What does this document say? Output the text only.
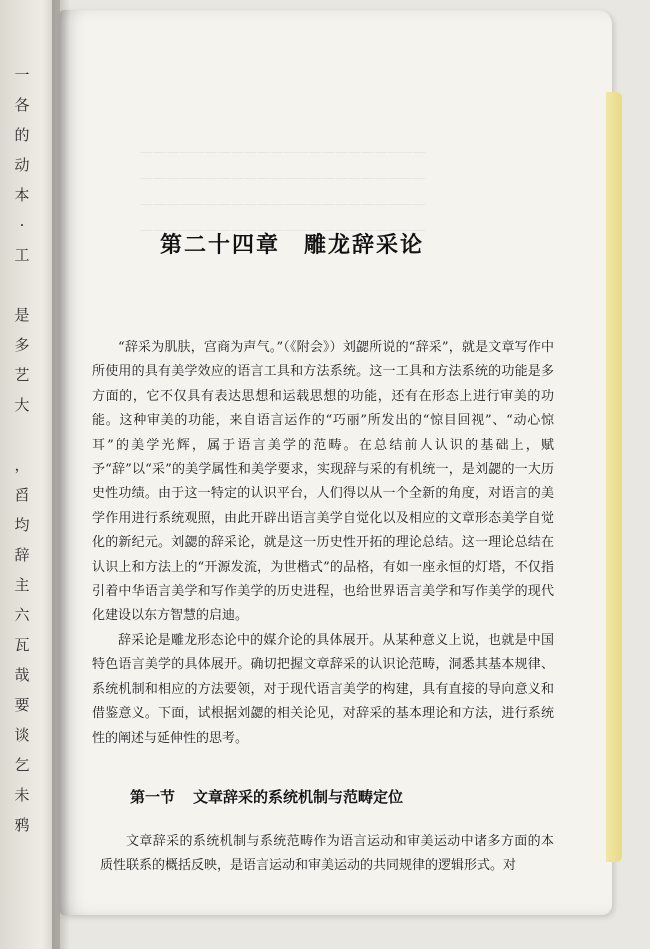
一
各
的
动
本
·
工
是
多
艺
大
，
舀
均
辞
主
六
瓦
哉
要
谈
乞
未
鸦
——————————————————————
——————————————————————
——————————————————————
——————————————————————
第二十四章 雕龙辞采论

“辞采为肌肤，宫商为声气。”（《附会》）刘勰所说的“辞采”，就是文章写作中所使用的具有美学效应的语言工具和方法系统。这一工具和方法系统的功能是多方面的，它不仅具有表达思想和运载思想的功能，还有在形态上进行审美的功能。这种审美的功能，来自语言运作的“巧丽”所发出的“惊目回视”、“动心惊耳”的美学光辉，属于语言美学的范畴。在总结前人认识的基础上，赋予“辞”以“采”的美学属性和美学要求，实现辞与采的有机统一，是刘勰的一大历史性功绩。由于这一特定的认识平台，人们得以从一个全新的角度，对语言的美学作用进行系统观照，由此开辟出语言美学自觉化以及相应的文章形态美学自觉化的新纪元。刘勰的辞采论，就是这一历史性开拓的理论总结。这一理论总结在认识上和方法上的“开源发流，为世楷式”的品格，有如一座永恒的灯塔，不仅指引着中华语言美学和写作美学的历史进程，也给世界语言美学和写作美学的现代化建设以东方智慧的启迪。

辞采论是雕龙形态论中的媒介论的具体展开。从某种意义上说，也就是中国特色语言美学的具体展开。确切把握文章辞采的认识论范畴，洞悉其基本规律、系统机制和相应的方法要领，对于现代语言美学的构建，具有直接的导向意义和借鉴意义。下面，试根据刘勰的相关论见，对辞采的基本理论和方法，进行系统性的阐述与延伸性的思考。

第一节 文章辞采的系统机制与范畴定位

文章辞采的系统机制与系统范畴作为语言运动和审美运动中诸多方面的本质性联系的概括反映，是语言运动和审美运动的共同规律的逻辑形式。对
